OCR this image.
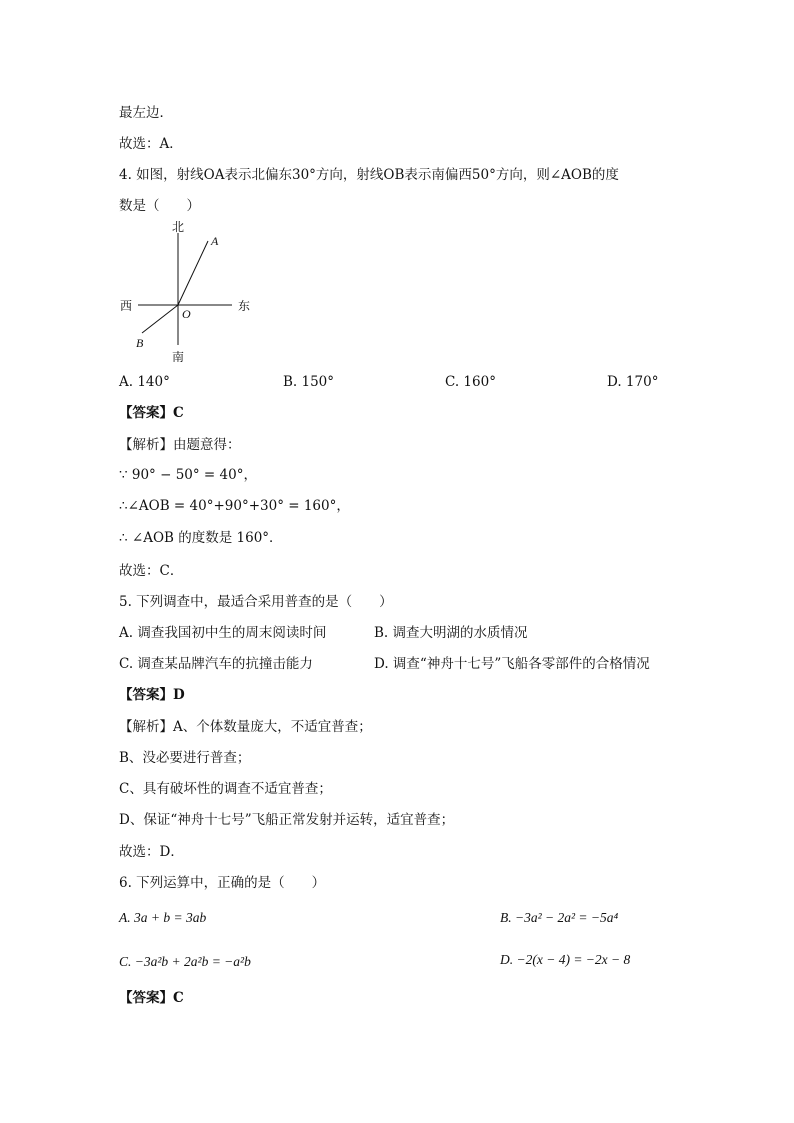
最左边．
故选：A．
4. 如图，射线OA表示北偏东30°方向，射线OB表示南偏西50°方向，则∠AOB的度
数是（　　）
北
南
东
西
O
A
B
A. 140°	B. 150°	C. 160°	D. 170°
【答案】C
【解析】由题意得：
∵ 90° − 50° = 40°，
∴∠AOB = 40°+90°+30° = 160°，
∴ ∠AOB 的度数是 160°．
故选：C．
5. 下列调查中，最适合采用普查的是（　　）
A. 调查我国初中生的周末阅读时间	B. 调查大明湖的水质情况
C. 调查某品牌汽车的抗撞击能力	D. 调查“神舟十七号”飞船各零部件的合格情况
【答案】D
【解析】A、个体数量庞大，不适宜普查；
B、没必要进行普查；
C、具有破坏性的调查不适宜普查；
D、保证“神舟十七号”飞船正常发射并运转，适宜普查；
故选：D．
6. 下列运算中，正确的是（　　）
A. 3a + b = 3ab	B. −3a² − 2a² = −5a⁴
C. −3a²b + 2a²b = −a²b	D. −2(x − 4) = −2x − 8
【答案】C
